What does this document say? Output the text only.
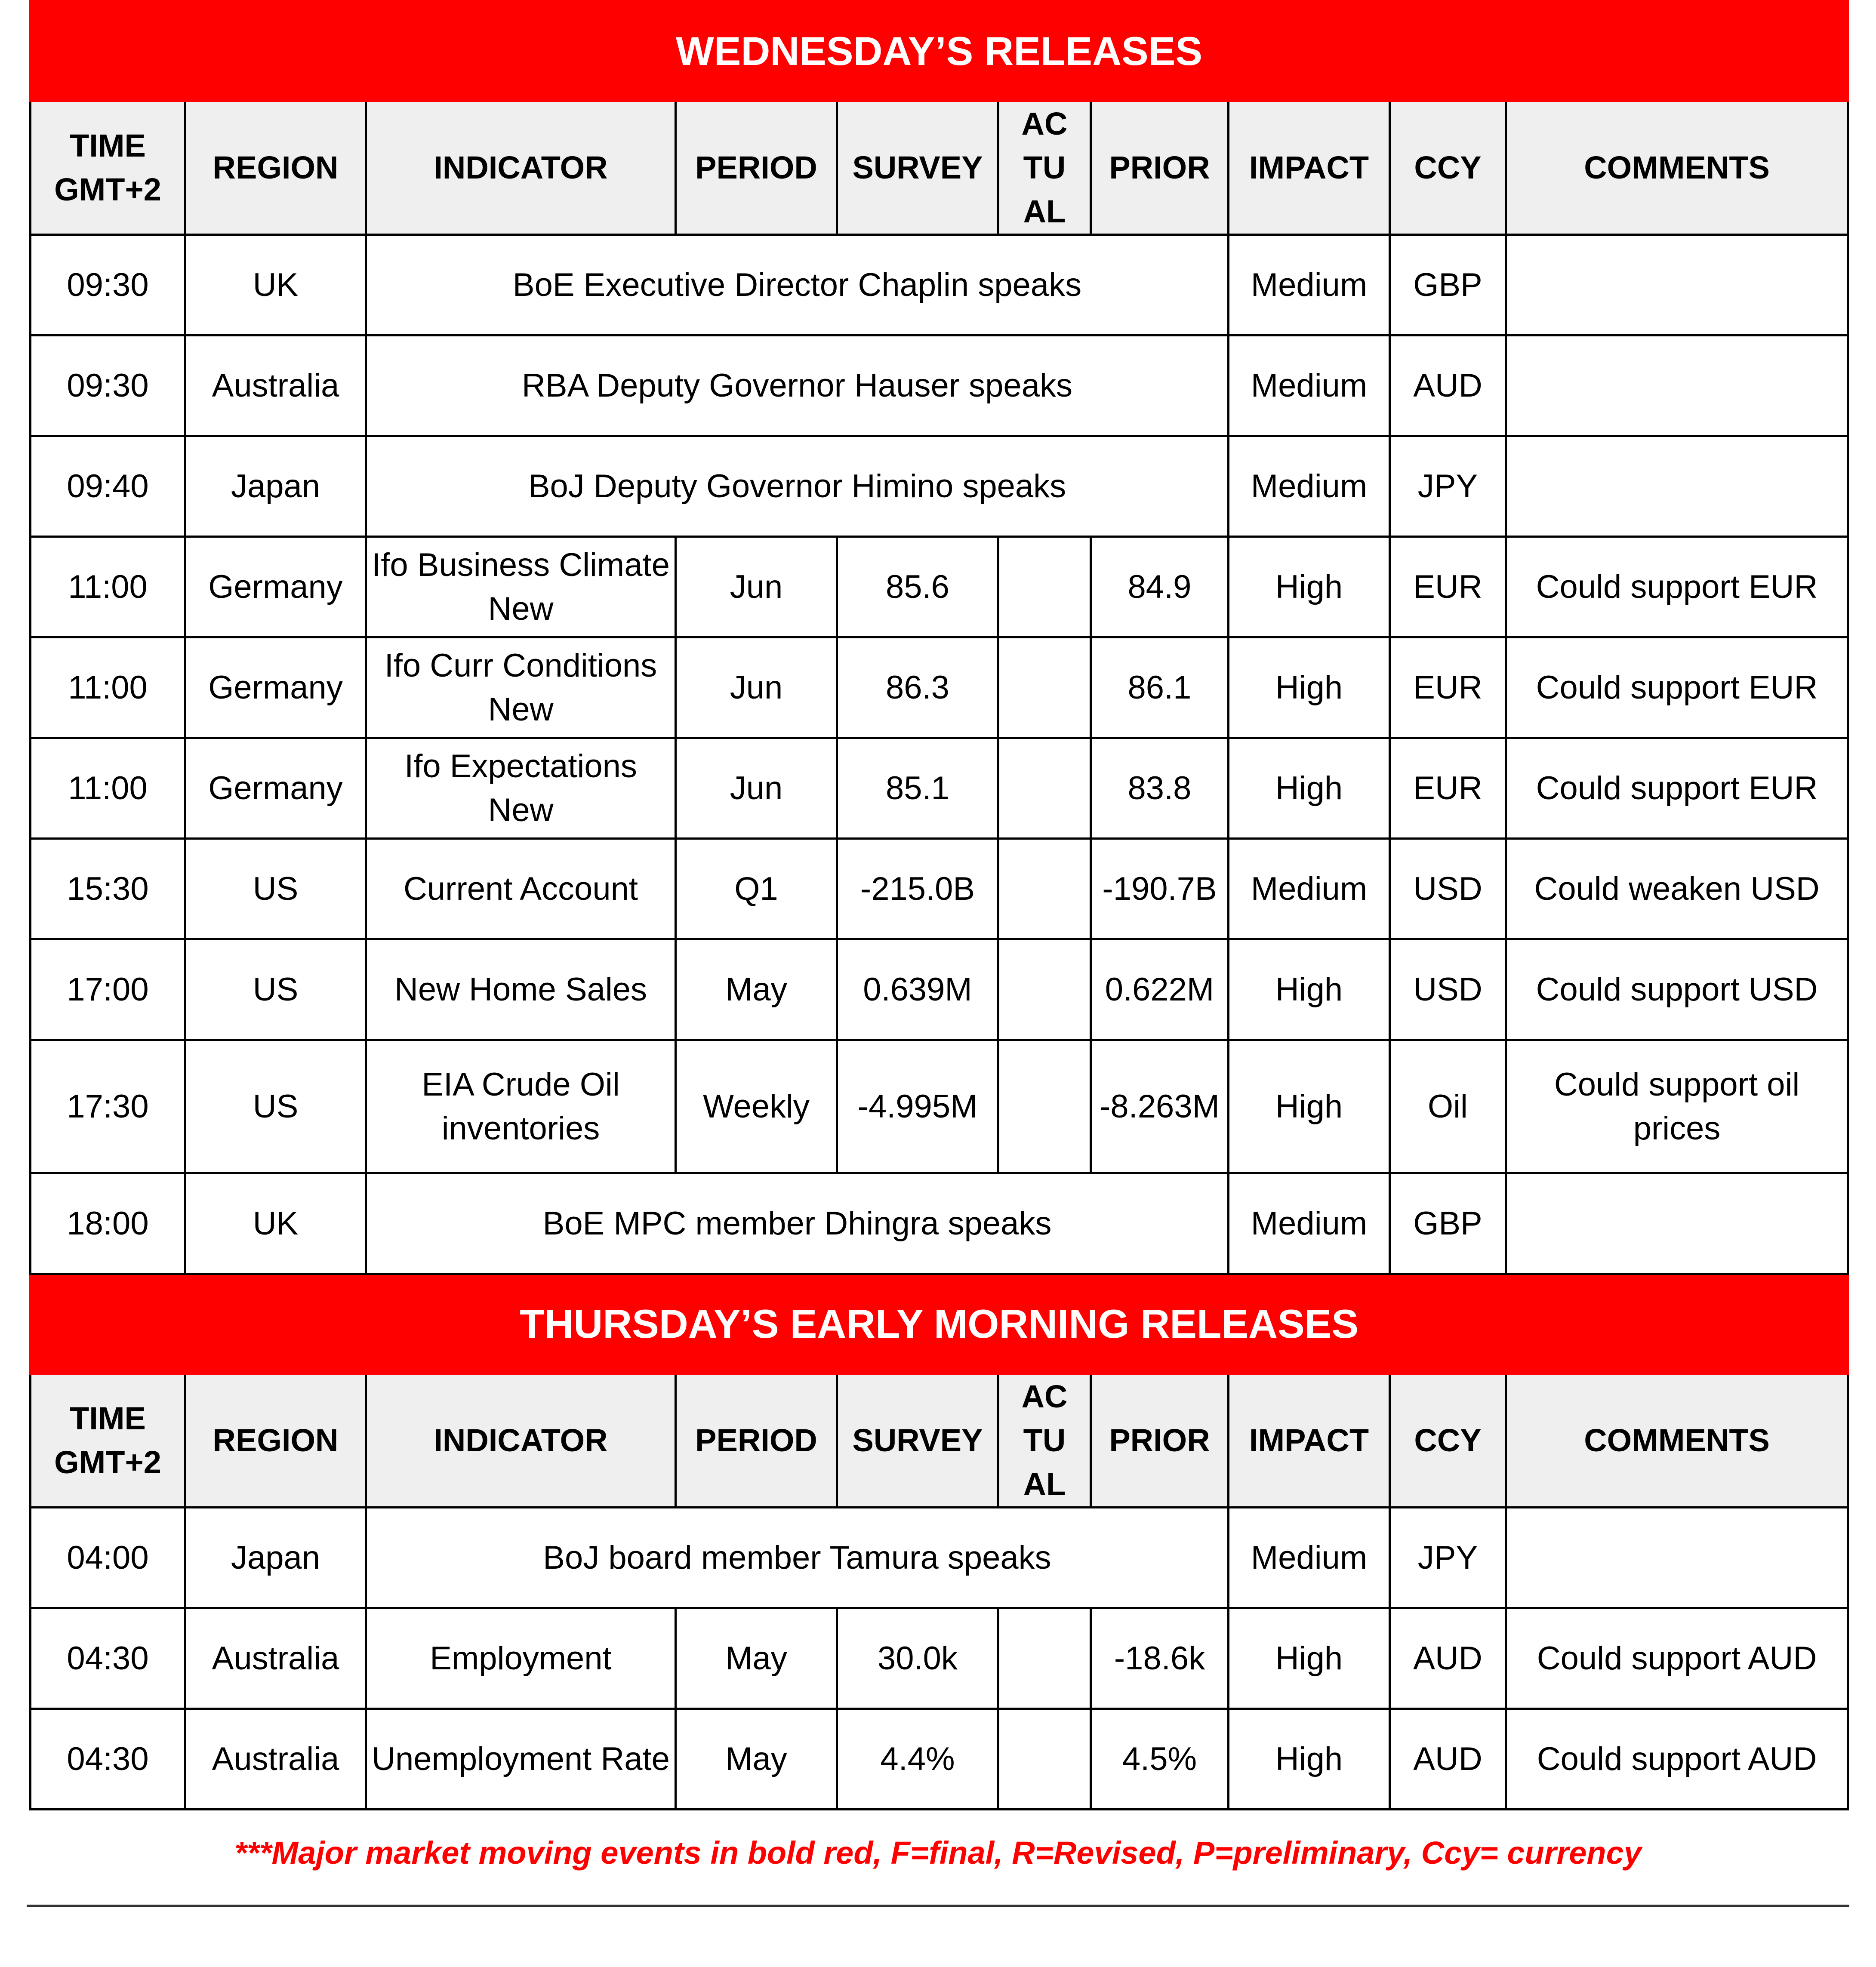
WEDNESDAY’S RELEASES									
TIME GMT+2	REGION	INDICATOR	PERIOD	SURVEY	AC TU AL	PRIOR	IMPACT	CCY	COMMENTS
09:30	UK	BoE Executive Director Chaplin speaks					Medium	GBP	
09:30	Australia	RBA Deputy Governor Hauser speaks					Medium	AUD	
09:40	Japan	BoJ Deputy Governor Himino speaks					Medium	JPY	
11:00	Germany	Ifo Business Climate New	Jun	85.6		84.9	High	EUR	Could support EUR
11:00	Germany	Ifo Curr Conditions New	Jun	86.3		86.1	High	EUR	Could support EUR
11:00	Germany	Ifo Expectations New	Jun	85.1		83.8	High	EUR	Could support EUR
15:30	US	Current Account	Q1	-215.0B		-190.7B	Medium	USD	Could weaken USD
17:00	US	New Home Sales	May	0.639M		0.622M	High	USD	Could support USD
17:30	US	EIA Crude Oil inventories	Weekly	-4.995M		-8.263M	High	Oil	Could support oil prices
18:00	UK	BoE MPC member Dhingra speaks					Medium	GBP	
THURSDAY’S EARLY MORNING RELEASES									
TIME GMT+2	REGION	INDICATOR	PERIOD	SURVEY	AC TU AL	PRIOR	IMPACT	CCY	COMMENTS
04:00	Japan	BoJ board member Tamura speaks					Medium	JPY	
04:30	Australia	Employment	May	30.0k		-18.6k	High	AUD	Could support AUD
04:30	Australia	Unemployment Rate	May	4.4%		4.5%	High	AUD	Could support AUD
***Major market moving events in bold red, F=final, R=Revised, P=preliminary, Ccy= currency
